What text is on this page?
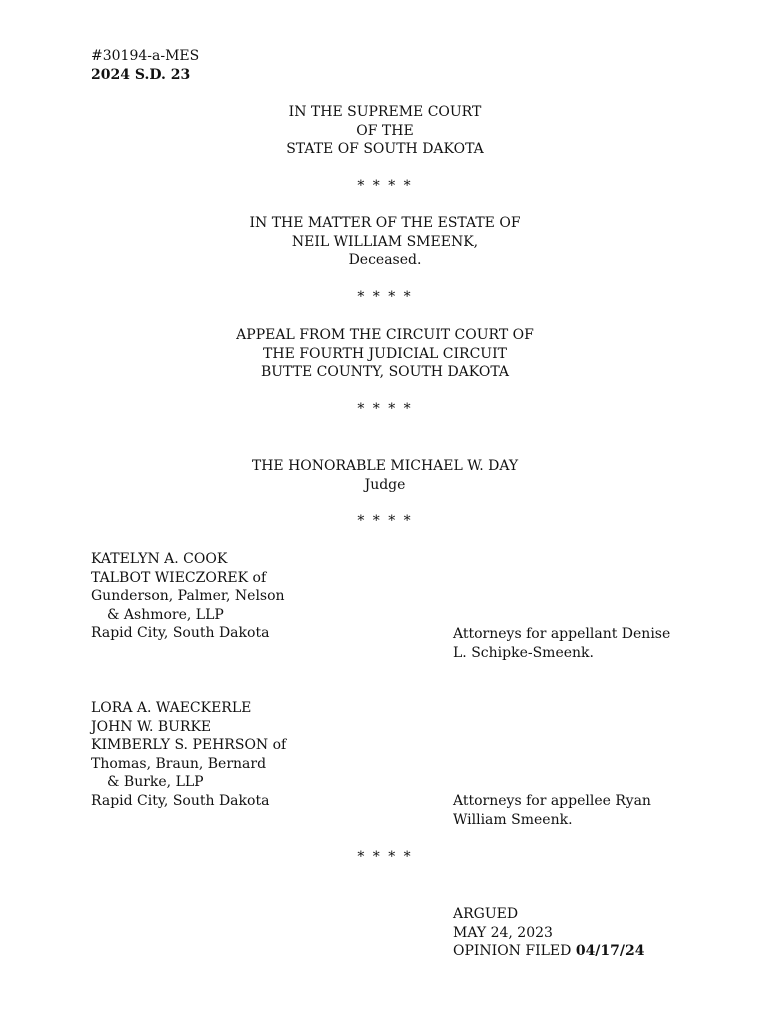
#30194-a-MES
2024 S.D. 23
IN THE SUPREME COURT
OF THE
STATE OF SOUTH DAKOTA
* * * *
IN THE MATTER OF THE ESTATE OF
NEIL WILLIAM SMEENK,
Deceased.
* * * *
APPEAL FROM THE CIRCUIT COURT OF
THE FOURTH JUDICIAL CIRCUIT
BUTTE COUNTY, SOUTH DAKOTA
* * * *
THE HONORABLE MICHAEL W. DAY
Judge
* * * *
KATELYN A. COOK
TALBOT WIECZOREK of
Gunderson, Palmer, Nelson
& Ashmore, LLP
Rapid City, South Dakota	Attorneys for appellant Denise
L. Schipke-Smeenk.
LORA A. WAECKERLE
JOHN W. BURKE
KIMBERLY S. PEHRSON of
Thomas, Braun, Bernard
& Burke, LLP
Rapid City, South Dakota	Attorneys for appellee Ryan
William Smeenk.
* * * *
ARGUED
MAY 24, 2023
OPINION FILED 04/17/24
